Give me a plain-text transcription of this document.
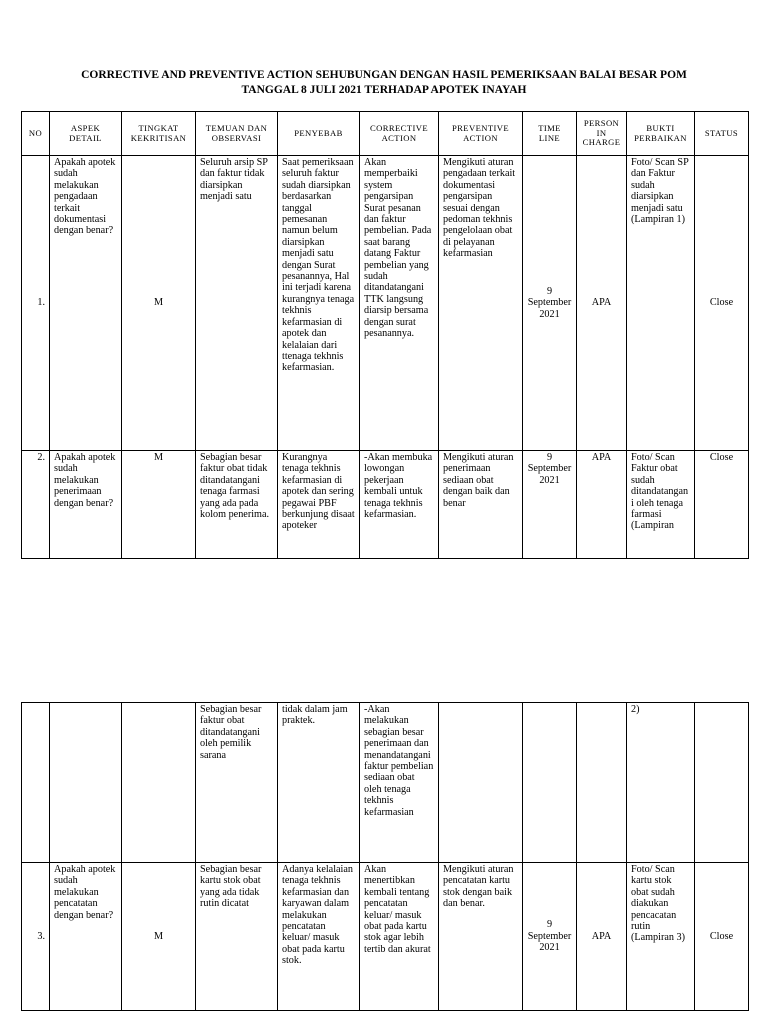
CORRECTIVE AND PREVENTIVE ACTION SEHUBUNGAN DENGAN HASIL PEMERIKSAAN BALAI BESAR POM
TANGGAL 8 JULI 2021 TERHADAP APOTEK INAYAH
NO	ASPEK DETAIL	TINGKAT KEKRITISAN	TEMUAN DAN OBSERVASI	PENYEBAB	CORRECTIVE ACTION	PREVENTIVE ACTION	TIME LINE	PERSON IN CHARGE	BUKTI PERBAIKAN	STATUS
1.	Apakah apotek sudah melakukan pengadaan terkait dokumentasi dengan benar?	M	Seluruh arsip SP dan faktur tidak diarsipkan menjadi satu	Saat pemeriksaan seluruh faktur sudah diarsipkan berdasarkan tanggal pemesanan namun belum diarsipkan menjadi satu dengan Surat pesanannya, Hal ini terjadi karena kurangnya tenaga tekhnis kefarmasian di apotek dan kelalaian dari ttenaga tekhnis kefarmasian.	Akan memperbaiki system pengarsipan Surat pesanan dan faktur pembelian. Pada saat barang datang Faktur pembelian yang sudah ditandatangani TTK langsung diarsip bersama dengan surat pesanannya.	Mengikuti aturan pengadaan terkait dokumentasi pengarsipan sesuai dengan pedoman tekhnis pengelolaan obat di pelayanan kefarmasian	9 September 2021	APA	Foto/ Scan SP dan Faktur sudah diarsipkan menjadi satu (Lampiran 1)	Close
2.	Apakah apotek sudah melakukan penerimaan dengan benar?	M	Sebagian besar faktur obat tidak ditandatangani tenaga farmasi yang ada pada kolom penerima.	Kurangnya tenaga tekhnis kefarmasian di apotek dan sering pegawai PBF berkunjung disaat apoteker	-Akan membuka lowongan pekerjaan kembali untuk tenaga tekhnis kefarmasian.	Mengikuti aturan penerimaan sediaan obat dengan baik dan benar	9 September 2021	APA	Foto/ Scan Faktur obat sudah ditandatangani oleh tenaga farmasi (Lampiran	Close
			Sebagian besar faktur obat ditandatangani oleh pemilik sarana	tidak dalam jam praktek.	-Akan melakukan sebagian besar penerimaan dan menandatangani faktur pembelian sediaan obat oleh tenaga tekhnis kefarmasian				2)	
3.	Apakah apotek sudah melakukan pencatatan dengan benar?	M	Sebagian besar kartu stok obat yang ada tidak rutin dicatat	Adanya kelalaian tenaga tekhnis kefarmasian dan karyawan dalam melakukan pencatatan keluar/ masuk obat pada kartu stok.	Akan menertibkan kembali tentang pencatatan keluar/ masuk obat pada kartu stok agar lebih tertib dan akurat	Mengikuti aturan pencatatan kartu stok dengan baik dan benar.	9 September 2021	APA	Foto/ Scan kartu stok obat sudah diakukan pencacatan rutin (Lampiran 3)	Close
